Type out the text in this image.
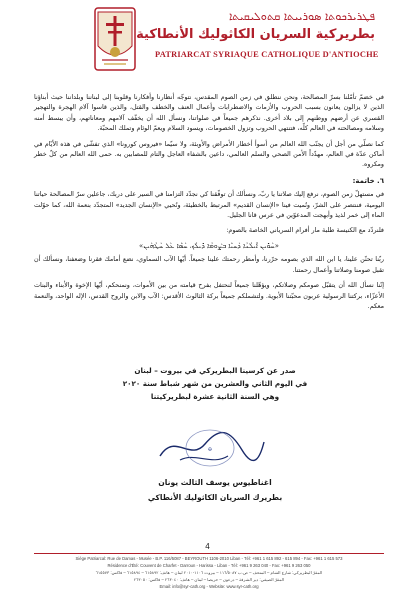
ܦܛܪܝܪܟܘܬܐ ܣܘܪܝܝܬܐ ܩܬܘܠܝܩܝܬܐ
بطريركية السريان الكاثوليك الأنطاكية
PATRIARCAT SYRIAQUE CATHOLIQUE D'ANTIOCHE

في خضمّ تأمّلنا بسرّ المصالحة، ونحن ننطلق في زمن الصوم المقدس، نتوجّه أنظارنا وأفكارنا وقلوبنا إلى لبناننا وبلداننا حيث أبناؤنا الذين لا يزالون يعانون بسبب الحروب والأزمات والاضطرابات وأعمال العنف والخطف والقتل، والذين قاسوا آلام الهجرة والتهجير القسري عن أرضهم ووطنهم إلى بلاد أخرى. نذكرهم جميعاً في صلواتنا، ونسأل الله أن يخفّف آلامهم ومعاناتهم، وأن يبسط أمنه وسلامه ومصالحته في العالم كلّه، فتنتهي الحروب وتزول الخصومات، ويسود السلام ويعمّ الوئام وتملك المحبّة.

كما نصلّي من أجل أن يجنّب الله العالم من أسوأ أخطار الأمراض والأوبئة، ولا سيّما «فيروس كورونا» الذي تفشّى في هذه الأيّام في أماكن عدّة في العالم، مهدّداً الأمن الصحي والسلم العالمي، داعين بالشفاء العاجل والتام للمصابين به. حمى الله العالم من كلّ خطر ومكروه.

٦. خاتمة:

في مستهلّ زمن الصوم، نرفع إليك صلاتنا يا ربّ، ونسألك أن توفّقنا كي نجدّد التزامنا في السير على دربك، جاعلين سرّ المصالحة حياتنا اليومية، فننتصر على الشرّ، ونُميت فينا «الإنسان القديم» المرتبط بالخطيئة، ونُحيي «الإنسان الجديد» المتجدّد بنعمة الله، كما حوّلت الماء إلى خمر لذيذ وأبهجت المدعوّين في عرس قانا الجليل.

فلنردّد مع الكنيسة طلبة مار أفرام السرياني الخاصة بالصوم:

«ܚܰܘܺܝܢ ܐܺܝܠܳܢܳܐ ܕܰܚܝܶܐ ܒܨܰܘܡܳܐ ܕܺܝܠܳܟ، ܚܰܣܶܐ ܥܰܠ ܚܰܛܳܗܰܝܢ»

ربّنا تحنّن علينا، يا ابن الله الذي بصومه حرّرنا، وأمطر رحمتك علينا جميعاً. أيّها الآب السماوي، نضع أمامك فقرنا وضعفنا، ونسألك أن تقبل صومنا وصلاتنا وأعمال رحمتنا.

إنّنا نسأل الله أن يتقبّل صومكم وصلاتكم، ويؤهّلنا جميعاً لنحتفل بفرح قيامته من بين الأموات، ونمنحكم، أيّها الإخوة والأبناء والبنات الأعزّاء، بركتنا الرسولية عربون محبّتنا الأبوية. ولتشملكم جميعاً بركة الثالوث الأقدس: الآب والابن والروح القدس، الإله الواحد، والنعمة معكم.

صدر عن كرسينا البطريركي في بيروت – لبنان
في اليوم الثاني والعشرين من شهر شباط سنة ٢٠٢٠
وهي السنة الثانية عشرة لبطريركيتنا
✠
اغناطيوس يوسف الثالث يونان
بطريرك السريان الكاثوليك الأنطاكي
4
Siège Patriarcal: Rue de Damas - Musée - B.P. 116/5087 - BEYROUTH 1106-2010 Liban - Tél: +961 1 615 892 - 615 894 - Fax: +961 1 615 573
Résidence d'Été: Couvent de Charfet - Darroun - Harissa - Liban - Tél: +961 9 263 040 - Fax: +961 9 263 050
المقرّ البطريركي: شارع الشام – المتحف – ص.ب ١١٦/٥٠٨٧ – بيروت ١١٠٦-٢٠١٠ لبنان – هاتف: ٦١٥٨٩٢ – ٦١٥٨٩٤ – فاكس: ٦١٥٥٧٣
المقرّ الصيفي: دير الشرفة – درعون – حريصا – لبنان – هاتف: ٢٦٣٠٤٠ – فاكس: ٢٦٣٠٥٠
Email: info@syr-cath.org - Website: www.syr-cath.org
